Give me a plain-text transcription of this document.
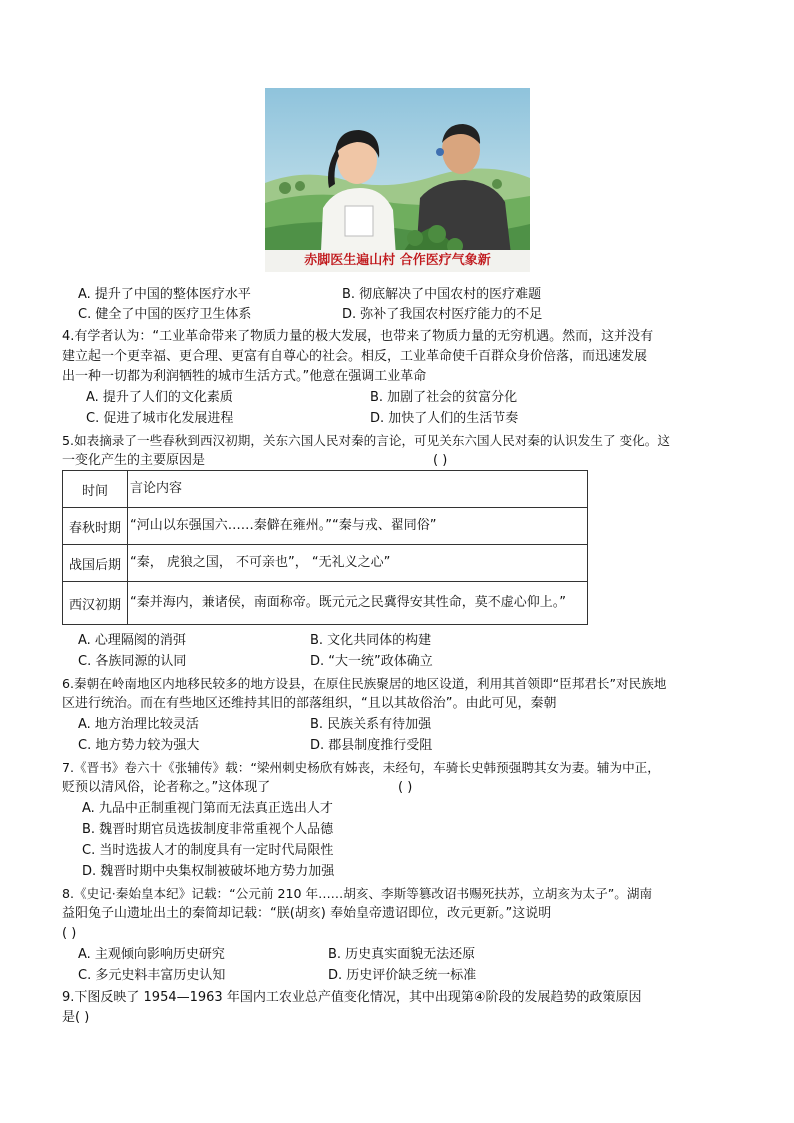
赤脚医生遍山村 合作医疗气象新
A. 提升了中国的整体医疗水平	B. 彻底解决了中国农村的医疗难题
C. 健全了中国的医疗卫生体系	D. 弥补了我国农村医疗能力的不足
4.有学者认为：“工业革命带来了物质力量的极大发展，也带来了物质力量的无穷机遇。然而，这并没有
建立起一个更幸福、更合理、更富有自尊心的社会。相反，工业革命使千百群众身价倍落，而迅速发展
出一种一切都为利润牺牲的城市生活方式。”他意在强调工业革命
A. 提升了人们的文化素质	B. 加剧了社会的贫富分化
C. 促进了城市化发展进程	D. 加快了人们的生活节奏
5.如表摘录了一些春秋到西汉初期，关东六国人民对秦的言论，可见关东六国人民对秦的认识发生了 变化。这
一变化产生的主要原因是	( )
时间	言论内容
春秋时期	“河山以东强国六……秦僻在雍州。”“秦与戎、翟同俗”
战国后期	“秦， 虎狼之国， 不可亲也”， “无礼义之心”
西汉初期	“秦并海内，兼诸侯，南面称帝。既元元之民冀得安其性命，莫不虚心仰上。”
A. 心理隔阂的消弭	B. 文化共同体的构建
C. 各族同源的认同	D. “大一统”政体确立
6.秦朝在岭南地区内地移民较多的地方设县，在原住民族聚居的地区设道，利用其首领即“臣邦君长”对民族地
区进行统治。而在有些地区还维持其旧的部落组织，“且以其故俗治”。由此可见，秦朝
A. 地方治理比较灵活	B. 民族关系有待加强
C. 地方势力较为强大	D. 郡县制度推行受阻
7.《晋书》卷六十《张辅传》载：“梁州刺史杨欣有姊丧，未经句，车骑长史韩预强聘其女为妻。辅为中正，
贬预以清风俗，论者称之。”这体现了	( )
A. 九品中正制重视门第而无法真正选出人才
B. 魏晋时期官员选拔制度非常重视个人品德
C. 当时选拔人才的制度具有一定时代局限性
D. 魏晋时期中央集权制被破坏地方势力加强
8.《史记·秦始皇本纪》记载：“公元前 210 年……胡亥、李斯等篡改诏书赐死扶苏，立胡亥为太子”。湖南
益阳兔子山遗址出土的秦简却记载：“朕(胡亥) 奉始皇帝遗诏即位，改元更新。”这说明
( )
A. 主观倾向影响历史研究	B. 历史真实面貌无法还原
C. 多元史料丰富历史认知	D. 历史评价缺乏统一标准
9.下图反映了 1954—1963 年国内工农业总产值变化情况，其中出现第④阶段的发展趋势的政策原因
是( )
